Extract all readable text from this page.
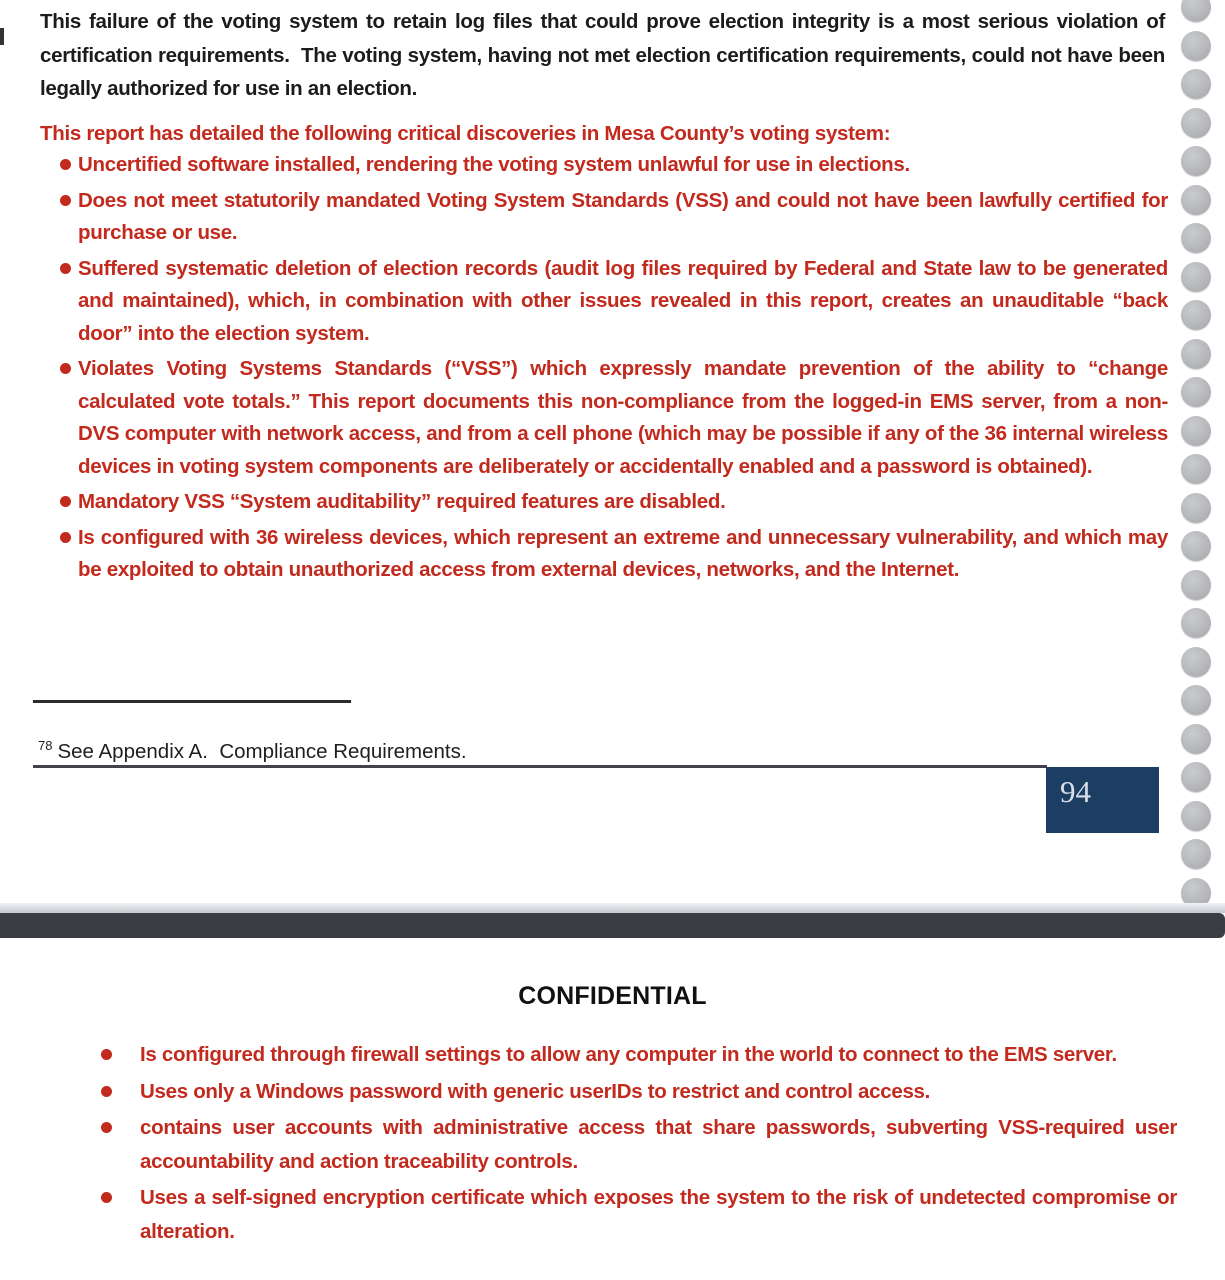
This failure of the voting system to retain log files that could prove election integrity is a most serious violation of certification requirements.  The voting system, having not met election certification requirements, could not have been legally authorized for use in an election.

This report has detailed the following critical discoveries in Mesa County’s voting system:

Uncertified software installed, rendering the voting system unlawful for use in elections.
Does not meet statutorily mandated Voting System Standards (VSS) and could not have been lawfully certified for purchase or use.
Suffered systematic deletion of election records (audit log files required by Federal and State law to be generated and maintained), which, in combination with other issues revealed in this report, creates an unauditable “back door” into the election system.
Violates Voting Systems Standards (“VSS”) which expressly mandate prevention of the ability to “change calculated vote totals.” This report documents this non-compliance from the logged-in EMS server, from a non-DVS computer with network access, and from a cell phone (which may be possible if any of the 36 internal wireless devices in voting system components are deliberately or accidentally enabled and a password is obtained).
Mandatory VSS “System auditability” required features are disabled.
Is configured with 36 wireless devices, which represent an extreme and unnecessary vulnerability, and which may be exploited to obtain unauthorized access from external devices, networks, and the Internet.

$^{78}$ See Appendix A.  Compliance Requirements.

94
CONFIDENTIAL
Is configured through firewall settings to allow any computer in the world to connect to the EMS server.
Uses only a Windows password with generic userIDs to restrict and control access.
contains user accounts with administrative access that share passwords, subverting VSS-required user accountability and action traceability controls.
Uses a self-signed encryption certificate which exposes the system to the risk of undetected compromise or alteration.
